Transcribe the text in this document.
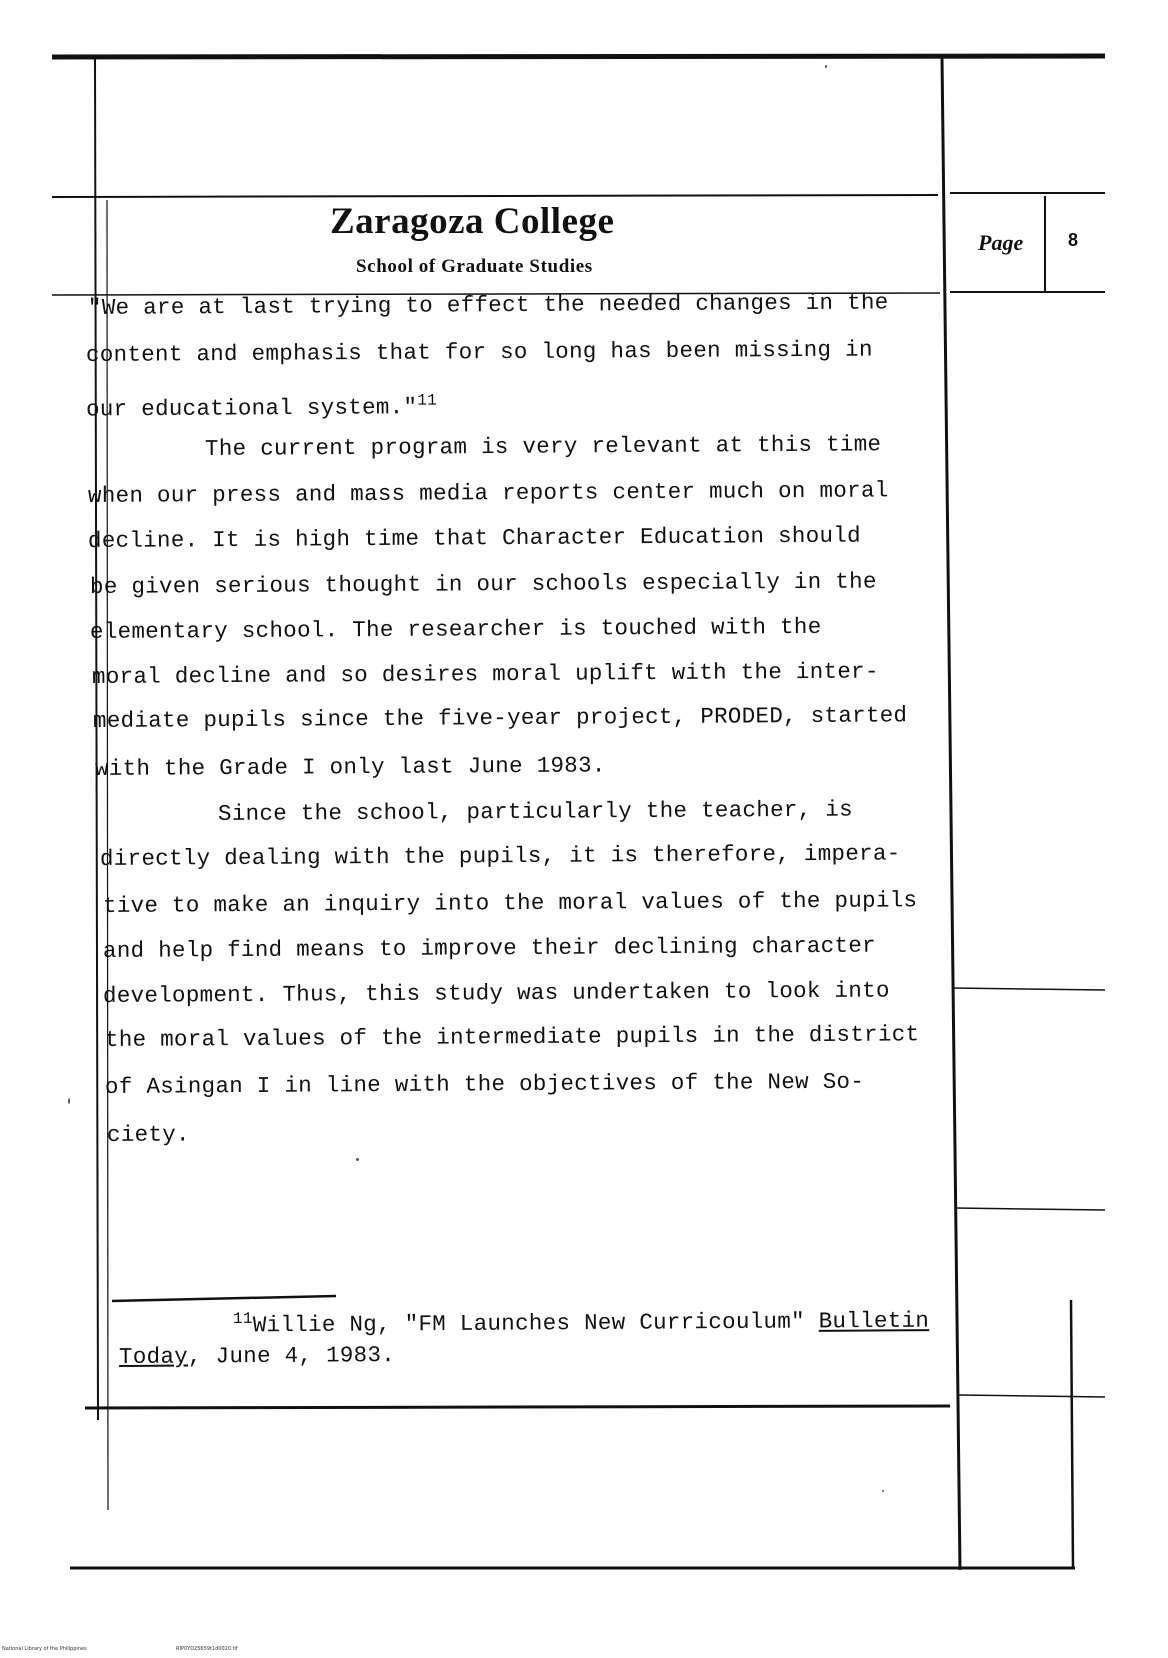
Zaragoza College
School of Graduate Studies
Page 8
"We are at last trying to effect the needed changes in the
content and emphasis that for so long has been missing in
our educational system."$^{11}$
The current program is very relevant at this time
when our press and mass media reports center much on moral
decline. It is high time that Character Education should
be given serious thought in our schools especially in the
elementary school. The researcher is touched with the
moral decline and so desires moral uplift with the inter-
mediate pupils since the five-year project, PRODED, started
with the Grade I only last June 1983.
Since the school, particularly the teacher, is
directly dealing with the pupils, it is therefore, impera-
tive to make an inquiry into the moral values of the pupils
and help find means to improve their declining character
development. Thus, this study was undertaken to look into
the moral values of the intermediate pupils in the district
of Asingan I in line with the objectives of the New So-
ciety.
$^{11}$Willie Ng, "FM Launches New Curricoulum" Bulletin
Today, June 4, 1983.
National Library of the Philippines	RIP0YD25659t1d0020.tif
